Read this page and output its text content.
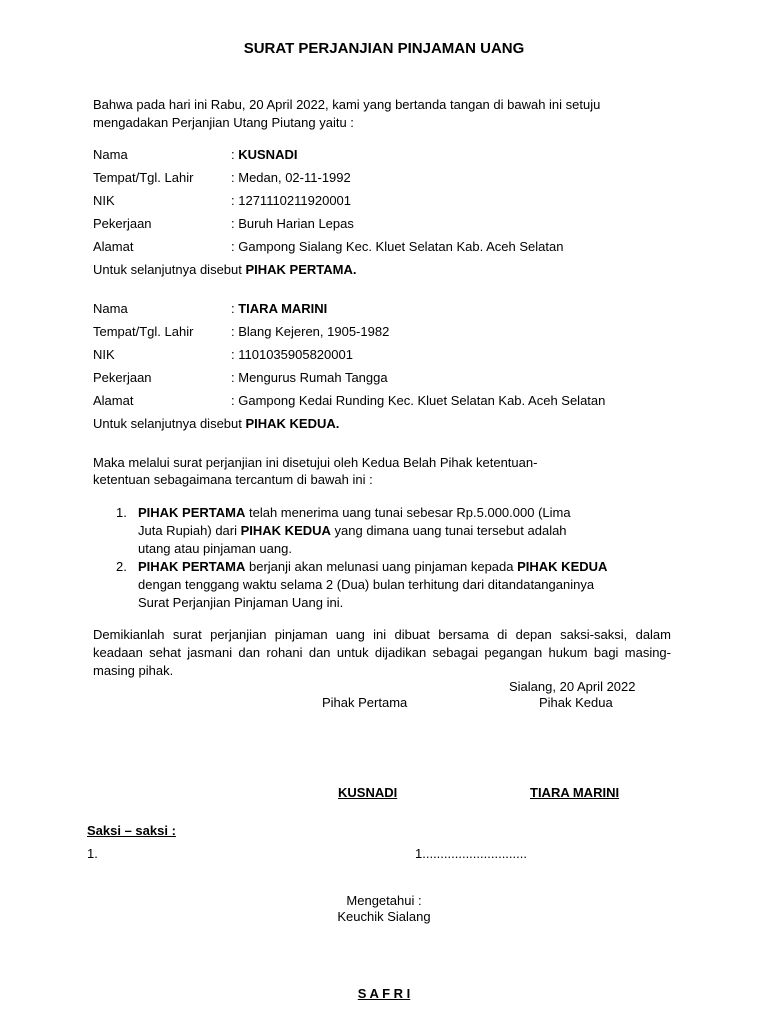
SURAT PERJANJIAN PINJAMAN UANG
Bahwa pada hari ini Rabu, 20 April 2022, kami yang bertanda tangan di bawah ini setuju
mengadakan Perjanjian Utang Piutang yaitu :
Nama	: KUSNADI
Tempat/Tgl. Lahir	: Medan, 02-11-1992
NIK	: 1271110211920001
Pekerjaan	: Buruh Harian Lepas
Alamat	: Gampong Sialang Kec. Kluet Selatan Kab. Aceh Selatan
Untuk selanjutnya disebut PIHAK PERTAMA.
Nama	: TIARA MARINI
Tempat/Tgl. Lahir	: Blang Kejeren, 1905-1982
NIK	: 1101035905820001
Pekerjaan	: Mengurus Rumah Tangga
Alamat	: Gampong Kedai Runding Kec. Kluet Selatan Kab. Aceh Selatan
Untuk selanjutnya disebut PIHAK KEDUA.
Maka melalui surat perjanjian ini disetujui oleh Kedua Belah Pihak ketentuan-
ketentuan sebagaimana tercantum di bawah ini :
1. PIHAK PERTAMA telah menerima uang tunai sebesar Rp.5.000.000 (Lima
Juta Rupiah) dari PIHAK KEDUA yang dimana uang tunai tersebut adalah
utang atau pinjaman uang.
2. PIHAK PERTAMA berjanji akan melunasi uang pinjaman kepada PIHAK KEDUA
dengan tenggang waktu selama 2 (Dua) bulan terhitung dari ditandatanganinya
Surat Perjanjian Pinjaman Uang ini.
Demikianlah surat perjanjian pinjaman uang ini dibuat bersama di depan saksi-saksi, dalam keadaan sehat jasmani dan rohani dan untuk dijadikan sebagai pegangan hukum bagi masing-masing pihak.
Sialang, 20 April 2022
Pihak Pertama	Pihak Kedua
KUSNADI	TIARA MARINI
Saksi – saksi :
1.	1.............................
Mengetahui :
Keuchik Sialang
S A F R I
